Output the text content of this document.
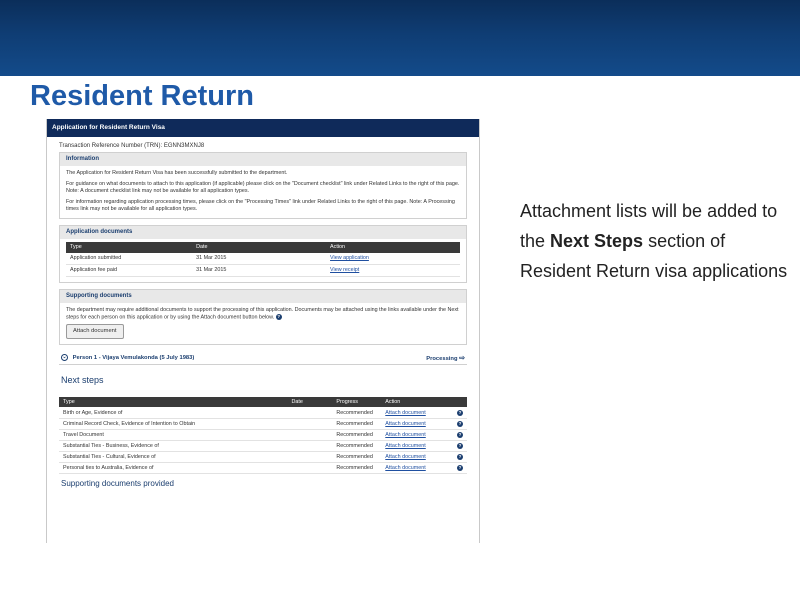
Resident Return
Application for Resident Return Visa
Transaction Reference Number (TRN): EGNN3MXNJ8
Information

The Application for Resident Return Visa has been successfully submitted to the department.

For guidance on what documents to attach to this application (if applicable) please click on the "Document checklist" link under Related Links to the right of this page. Note: A document checklist link may not be available for all application types.

For information regarding application processing times, please click on the "Processing Times" link under Related Links to the right of this page. Note: A Processing times link may not be available for all application types.

Application documents
Type	Date	Action
Application submitted	31 Mar 2015	View application
Application fee paid	31 Mar 2015	View receipt
Supporting documents
The department may require additional documents to support the processing of this application. Documents may be attached using the links available under the Next steps for each person on this application or by using the Attach document button below. ?
Attach document
⌄ Person 1 - Vijaya Vemulakonda (5 July 1983)	Processing ⇨
Next steps
Type	Date	Progress	Action
Birth or Age, Evidence of		Recommended	Attach document ?

Criminal Record Check, Evidence of Intention to Obtain		Recommended	Attach document ?

Travel Document		Recommended	Attach document ?

Substantial Ties - Business, Evidence of		Recommended	Attach document ?

Substantial Ties - Cultural, Evidence of		Recommended	Attach document ?

Personal ties to Australia, Evidence of		Recommended	Attach document ?
Supporting documents provided
Attachment lists will be added to the Next Steps section of Resident Return visa applications
